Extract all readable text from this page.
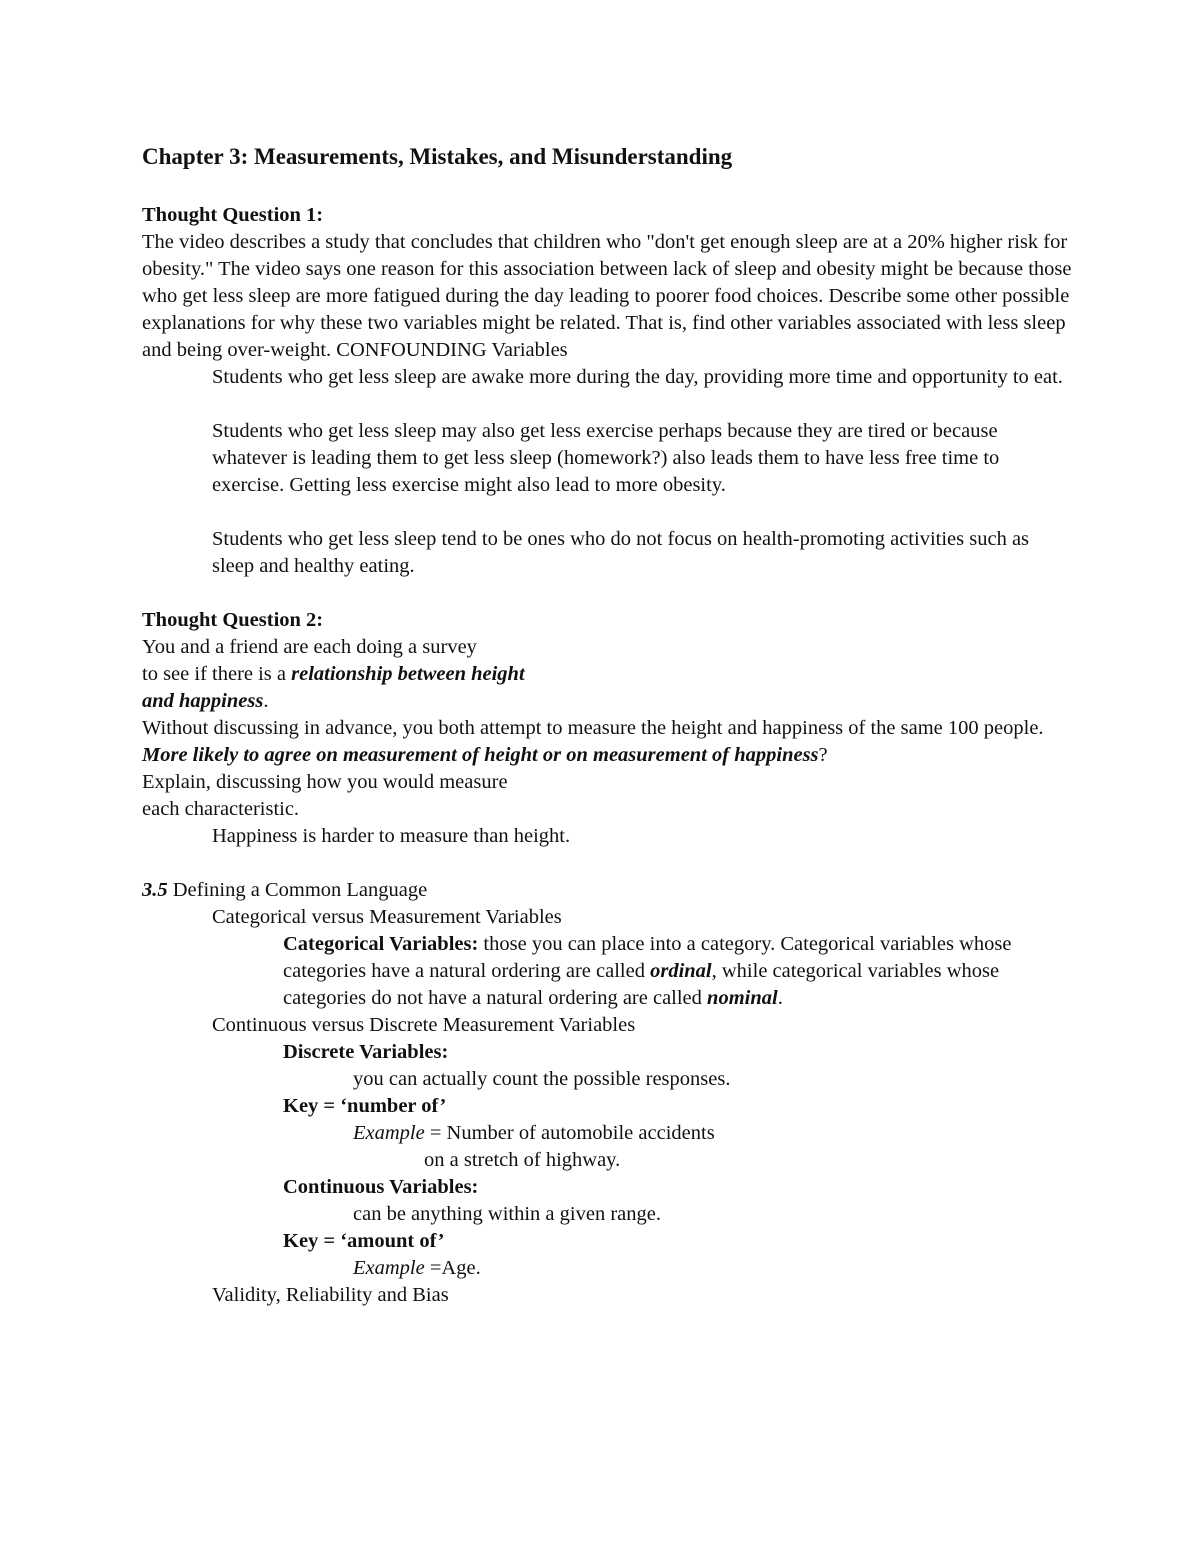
Chapter 3: Measurements, Mistakes, and Misunderstanding
Thought Question 1:
The video describes a study that concludes that children who "don't get enough sleep are at a 20% higher risk for obesity." The video says one reason for this association between lack of sleep and obesity might be because those who get less sleep are more fatigued during the day leading to poorer food choices. Describe some other possible explanations for why these two variables might be related. That is, find other variables associated with less sleep and being over-weight. CONFOUNDING Variables
Students who get less sleep are awake more during the day, providing more time and opportunity to eat.
Students who get less sleep may also get less exercise perhaps because they are tired or because whatever is leading them to get less sleep (homework?) also leads them to have less free time to exercise. Getting less exercise might also lead to more obesity.
Students who get less sleep tend to be ones who do not focus on health-promoting activities such as sleep and healthy eating.
Thought Question 2:
You and a friend are each doing a survey
to see if there is a relationship between height
and happiness.
Without discussing in advance, you both attempt to measure the height and happiness of the same 100 people.
More likely to agree on measurement of height or on measurement of happiness?
Explain, discussing how you would measure
each characteristic.
Happiness is harder to measure than height.
3.5 Defining a Common Language
Categorical versus Measurement Variables
Categorical Variables: those you can place into a category. Categorical variables whose categories have a natural ordering are called ordinal, while categorical variables whose categories do not have a natural ordering are called nominal.
Continuous versus Discrete Measurement Variables
Discrete Variables:
you can actually count the possible responses.
Key = ‘number of’
Example = Number of automobile accidents
on a stretch of highway.
Continuous Variables:
can be anything within a given range.
Key = ‘amount of’
Example =Age.
Validity, Reliability and Bias
